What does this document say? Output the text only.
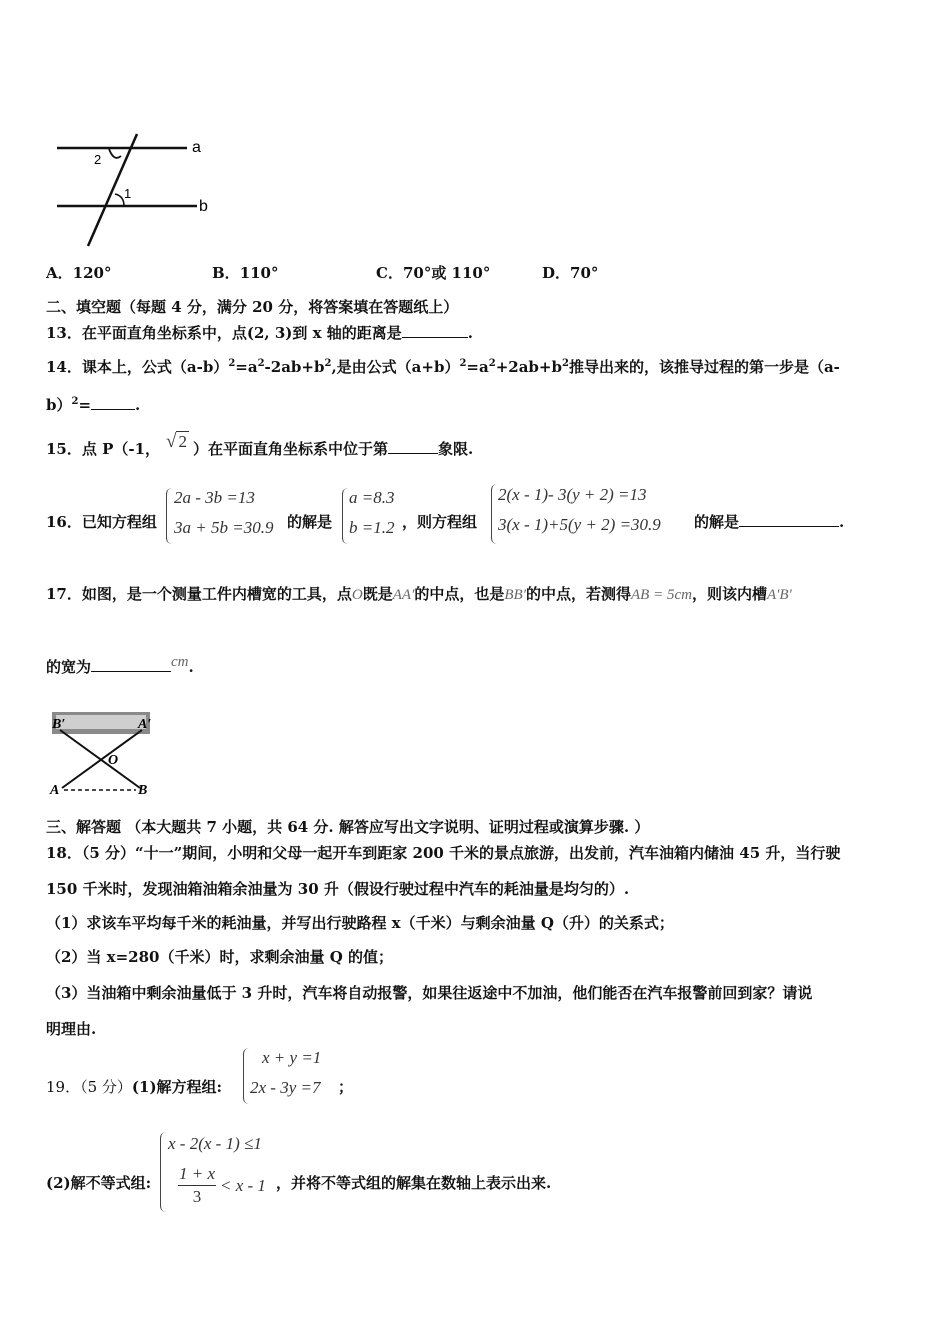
2
1
a
b
A．120°	B．110°	C．70°或 110°	D．70°
二、填空题（每题 4 分，满分 20 分，将答案填在答题纸上）
13．在平面直角坐标系中，点(2, 3)到 x 轴的距离是	.
14．课本上，公式$(a-b)^2=a^2-2ab+b^2$,是由公式$(a+b)^2=a^2+2ab+b^2$推导出来的，该推导过程的第一步是（a-
b）$^2$=	.
15．点 P（-1， √ 2 ）在平面直角坐标系中位于第	象限.
16．已知方程组
2a - 3b =13
3a + 5b =30.9 的解是
a =8.3
b =1.2 ，则方程组
2(x - 1)- 3(y + 2) =13
3(x - 1)+5(y + 2) =30.9 的解是	.
17．如图，是一个测量工件内槽宽的工具，点O既是AA′的中点，也是BB′的中点，若测得AB = 5cm，则该内槽A′B′
的宽为	cm.
B′	A′
O
A	B
三、解答题 （本大题共 7 小题，共 64 分. 解答应写出文字说明、证明过程或演算步骤. ）
18．（5 分）“十一”期间，小明和父母一起开车到距家 200 千米的景点旅游，出发前，汽车油箱内储油 45 升，当行驶
150 千米时，发现油箱油箱余油量为 30 升（假设行驶过程中汽车的耗油量是均匀的）.
（1）求该车平均每千米的耗油量，并写出行驶路程 x（千米）与剩余油量 Q（升）的关系式；
（2）当 x=280（千米）时，求剩余油量 Q 的值；
（3）当油箱中剩余油量低于 3 升时，汽车将自动报警，如果往返途中不加油，他们能否在汽车报警前回到家？请说
明理由.
19．（5 分）(1)解方程组:
x + y =1
2x - 3y =7 ；
(2)解不等式组:
x - 2(x - 1) ≤1
1 + x
3
< x - 1 ，并将不等式组的解集在数轴上表示出来.
